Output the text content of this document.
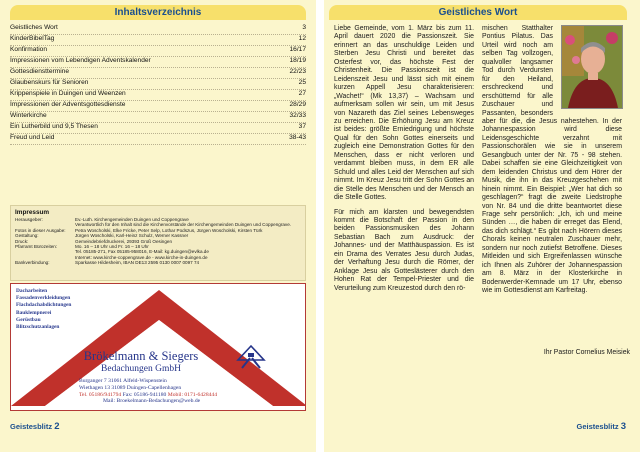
Inhaltsverzeichnis
Geistliches Wort	3
KinderBibelTag	12
Konfirmation	16/17
Impressionen vom Lebendigen Adventskalender	18/19
Gottesdiensttermine	22/23
Glaubenskurs für Senioren	25
Krippenspiele in Duingen und Weenzen	27
Impressionen der Adventsgottesdienste	28/29
Winterkirche	32/33
Ein Lutherbild und 9,5 Thesen	37
Freud und Leid	38-43
Impressum
Herausgeber:	Ev.-Luth. Kirchengemeinden Duingen und Coppengrave
Verantwortlich für den Inhalt sind die Kirchenvorstände der Kirchengemeinden Duingen und Coppengrave.
Fotos in dieser Ausgabe:	Petra Woscholski, Elke Fricke, Peter Selp, Lothar Podszus, Jürgen Woscholski, Kirsten Türk
Gestaltung:	Jürgen Woscholski, Karl-Heinz Schulz, Werner Kassner
Druck:	Gemeindebriefdruckerei, 29393 Groß Oesingen
Pfarramt Bürozeiten:	Mo. 16 – 18 Uhr und Fr. 16 – 18 Uhr
Tel. 05185-271, Fax 05185-958016, E-Mail: kg.duingen@evlka.de
Internet: www.kirche-coppengrave.de - www.kirche-in-duingen.de
Bankverbindung:	Sparkasse Hildesheim, IBAN DE13 2595 0130 0007 0097 74
Dacharbeiten
Fassadenverkleidungen
Flachdachabdichtungen
Bauklempnerei
Gerüstbau
Blitzschutzanlagen
Brökelmann & Siegers
Bedachungen GmbH
Burganger 7 31061 Alfeld-Wispenstein
Wiethagen 13 31089 Duingen-Capellenhagen
Tel. 05186/941794 Fax: 05186-941180 Mobil: 0171-6428444
Mail: Broekelmann-Bedachungen@web.de
Geistesblitz 2
Geistliches Wort

Liebe Gemeinde, vom 1. März bis zum 11. April dauert 2020 die Passionszeit. Sie erinnert an das unschuldige Leiden und Sterben Jesu Christi und bereitet das Osterfest vor, das höchste Fest der Christenheit. Die Passionszeit ist die Leidenszeit Jesu und lässt sich mit einem kurzen Appell Jesu charakterisieren: „Wachet!“ (Mk 13,37) – Wachsam und aufmerksam sollen wir sein, um mit Jesus von Nazareth das Ziel seines Lebensweges zu erreichen. Die Erhöhung Jesu am Kreuz ist beides: größte Erniedrigung und höchste Qual für den Sohn Gottes einerseits und zugleich eine Demonstration Gottes für den Menschen, dass er nicht verloren und verdammt bleiben muss, in dem ER alle Schuld und alles Leid der Menschen auf sich nimmt. Im Kreuz Jesu tritt der Sohn Gottes an die Stelle des Menschen und der Mensch an die Stelle Gottes.

Für mich am klarsten und bewegendsten kommt die Botschaft der Passion in den beiden Passionsmusiken des Johann Sebastian Bach zum Ausdruck: der Johannes- und der Matthäuspassion. Es ist ein Drama des Verrates Jesu durch Judas, der Verhaftung Jesu durch die Römer, der Anklage Jesu als Gotteslästerer durch den Hohen Rat der Tempel-Priester und die Verurteilung zum Kreuzestod durch den rö-

mischen Statthalter Pontius Pilatus. Das Urteil wird noch am selben Tag vollzogen, qualvoller langsamer Tod durch Verdursten für den Heiland, erschreckend und erschütternd für alle Zuschauer und Passanten, besonders aber für die, die Jesus nahestehen. In der Johannespassion wird diese Leidensgeschichte verzahnt mit Passionschorälen wie sie in unserem Gesangbuch unter der Nr. 75 - 98 stehen. Dabei schaffen sie eine Gleichzeitigkeit von dem leidenden Christus und dem Hörer der Musik, die ihn in das Kreuzgeschehen mit hinein nimmt. Ein Beispiel: „Wer hat dich so geschlagen?“ fragt die zweite Liedstrophe von Nr. 84 und die dritte beantwortet diese Frage sehr persönlich: „Ich, ich und meine Sünden …, die haben dir erreget das Elend, das dich schlägt.“ Es gibt nach Hörern dieses Chorals keinen neutralen Zuschauer mehr, sondern nur noch zutiefst Betroffene. Dieses Mitleiden und sich Ergreifenlassen wünsche ich Ihnen als Zuhörer der Johannespassion am 8. März in der Klosterkirche in Bodenwerder-Kemnade um 17 Uhr, ebenso wie im Gottesdienst am Karfreitag.

Ihr Pastor Cornelius Meisiek
Geistesblitz 3
